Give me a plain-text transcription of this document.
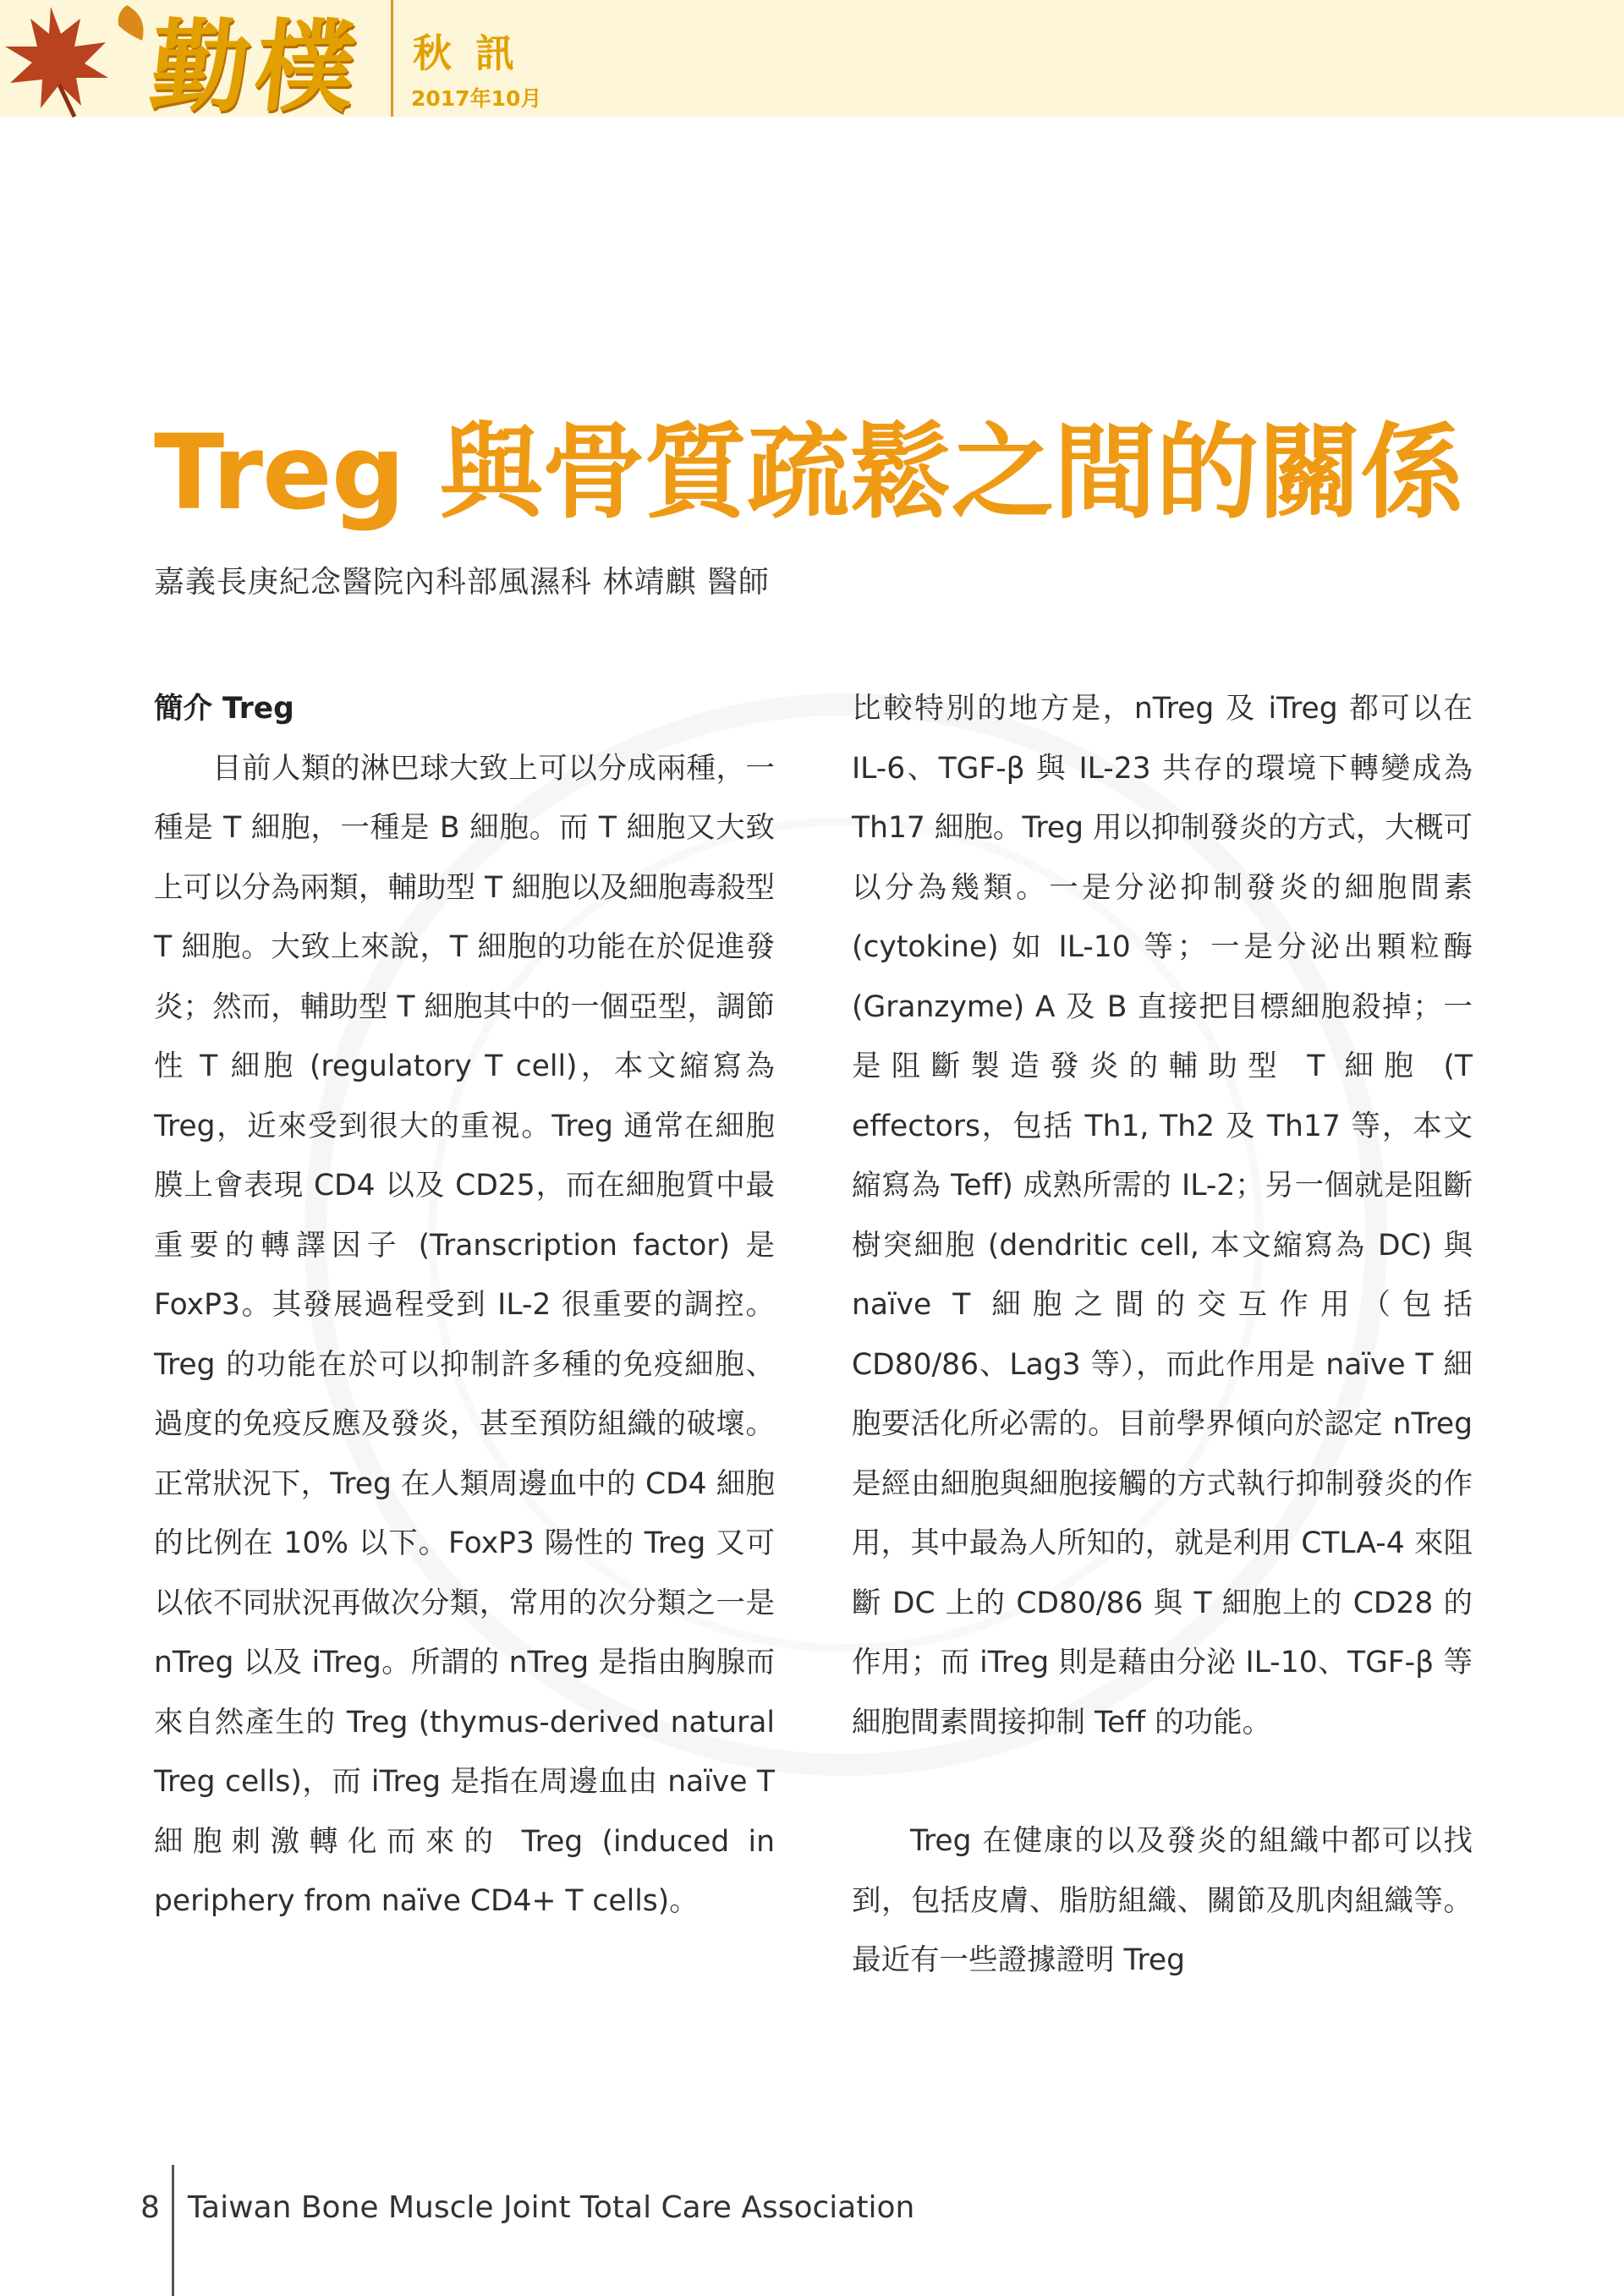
勤樸 秋訊
2017年10月
Treg 與骨質疏鬆之間的關係
嘉義長庚紀念醫院內科部風濕科 林靖麒 醫師

簡介 Treg

目前人類的淋巴球大致上可以分成兩種，一種是 T 細胞，一種是 B 細胞。而 T 細胞又大致上可以分為兩類，輔助型 T 細胞以及細胞毒殺型 T 細胞。大致上來說，T 細胞的功能在於促進發炎；然而，輔助型 T 細胞其中的一個亞型，調節性 T 細胞 (regulatory T cell)，本文縮寫為 Treg，近來受到很大的重視。Treg 通常在細胞膜上會表現 CD4 以及 CD25，而在細胞質中最重要的轉譯因子 (Transcription factor) 是 FoxP3。其發展過程受到 IL-2 很重要的調控。Treg 的功能在於可以抑制許多種的免疫細胞、過度的免疫反應及發炎，甚至預防組織的破壞。正常狀況下，Treg 在人類周邊血中的 CD4 細胞的比例在 10% 以下。FoxP3 陽性的 Treg 又可以依不同狀況再做次分類，常用的次分類之一是 nTreg 以及 iTreg。所謂的 nTreg 是指由胸腺而來自然產生的 Treg (thymus-derived natural Treg cells)，而 iTreg 是指在周邊血由 naïve T 細胞刺激轉化而來的 Treg (induced in periphery from naïve CD4+ T cells)。

比較特別的地方是，nTreg 及 iTreg 都可以在 IL-6、TGF-β 與 IL-23 共存的環境下轉變成為 Th17 細胞。Treg 用以抑制發炎的方式，大概可以分為幾類。一是分泌抑制發炎的細胞間素 (cytokine) 如 IL-10 等；一是分泌出顆粒酶 (Granzyme) A 及 B 直接把目標細胞殺掉；一是阻斷製造發炎的輔助型 T 細胞 (T effectors，包括 Th1, Th2 及 Th17 等，本文縮寫為 Teff) 成熟所需的 IL-2；另一個就是阻斷樹突細胞 (dendritic cell, 本文縮寫為 DC) 與 naïve T 細胞之間的交互作用（包括 CD80/86、Lag3 等），而此作用是 naïve T 細胞要活化所必需的。目前學界傾向於認定 nTreg 是經由細胞與細胞接觸的方式執行抑制發炎的作用，其中最為人所知的，就是利用 CTLA-4 來阻斷 DC 上的 CD80/86 與 T 細胞上的 CD28 的作用；而 iTreg 則是藉由分泌 IL-10、TGF-β 等細胞間素間接抑制 Teff 的功能。

Treg 在健康的以及發炎的組織中都可以找到，包括皮膚、脂肪組織、關節及肌肉組織等。最近有一些證據證明 Treg

8 Taiwan Bone Muscle Joint Total Care Association
